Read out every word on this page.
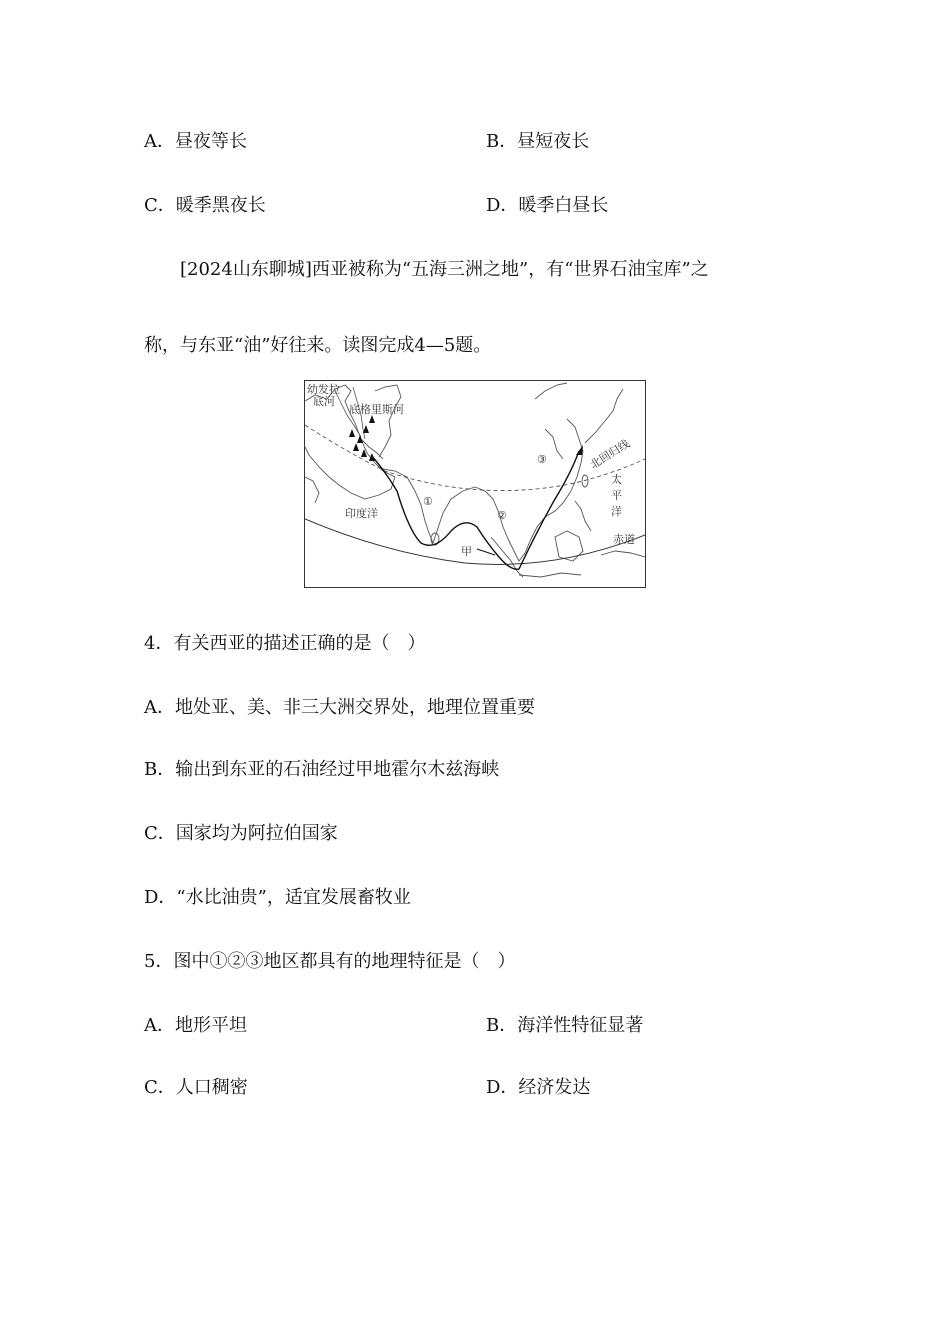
A．昼夜等长	B．昼短夜长
C．暖季黑夜长	D．暖季白昼长
[2024山东聊城]西亚被称为“五海三洲之地”，有“世界石油宝库”之
称，与东亚“油”好往来。读图完成4—5题。
幼发拉
底河
底格里斯河
印度洋
①
②
③
甲
北回归线
太
平
洋
赤道
4．有关西亚的描述正确的是（　）
A．地处亚、美、非三大洲交界处，地理位置重要
B．输出到东亚的石油经过甲地霍尔木兹海峡
C．国家均为阿拉伯国家
D．“水比油贵”，适宜发展畜牧业
5．图中①②③地区都具有的地理特征是（　）
A．地形平坦	B．海洋性特征显著
C．人口稠密	D．经济发达
